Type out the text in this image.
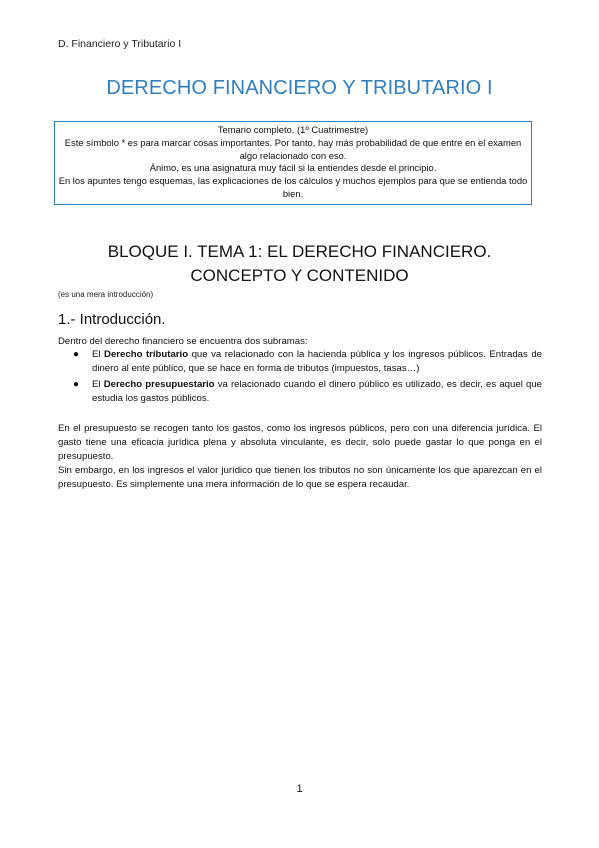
D. Financiero y Tributario I
DERECHO FINANCIERO Y TRIBUTARIO I

Temario completo. (1º Cuatrimestre)

Este símbolo * es para marcar cosas importantes. Por tanto, hay más probabilidad de que entre en el examen algo relacionado con eso.

Ánimo, es una asignatura muy fácil si la entiendes desde el principio.

En los apuntes tengo esquemas, las explicaciones de los cálculos y muchos ejemplos para que se entienda todo bien.

BLOQUE I. TEMA 1: EL DERECHO FINANCIERO.
CONCEPTO Y CONTENIDO
(es una mera introducción)
1.- Introducción.
Dentro del derecho financiero se encuentra dos subramas:
● El Derecho tributario que va relacionado con la hacienda pública y los ingresos públicos. Entradas de dinero al ente público, que se hace en forma de tributos (impuestos, tasas…)
● El Derecho presupuestario va relacionado cuando el dinero público es utilizado, es decir, es aquel que estudia los gastos públicos.
En el presupuesto se recogen tanto los gastos, como los ingresos públicos, pero con una diferencia jurídica. El gasto tiene una eficacia jurídica plena y absoluta vinculante, es decir, solo puede gastar lo que ponga en el presupuesto.
Sin embargo, en los ingresos el valor jurídico que tienen los tributos no son únicamente los que aparezcan en el presupuesto. Es simplemente una mera información de lo que se espera recaudar.
1
